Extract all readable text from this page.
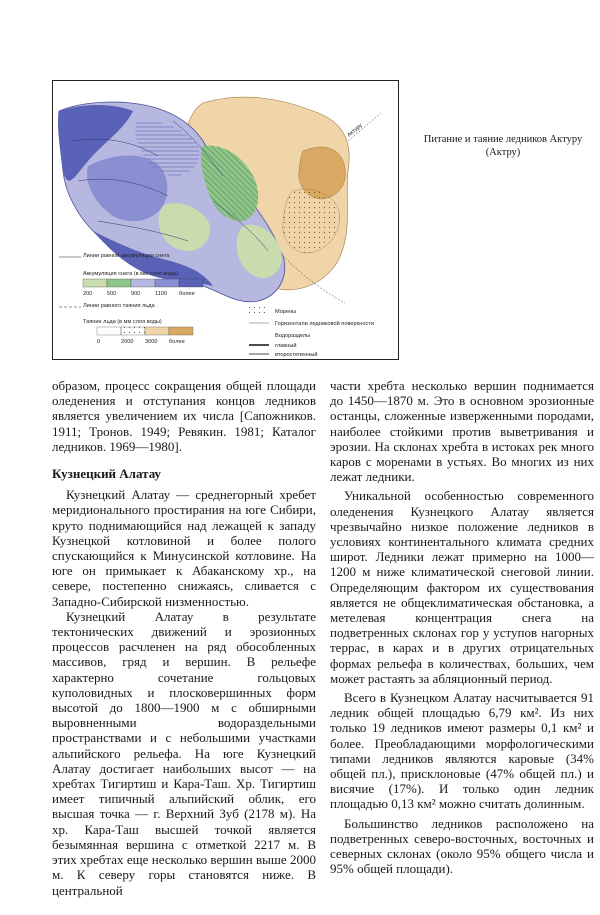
Актуру
Линии равной аккумуляции снега
Аккумуляция снега (в мм слоя воды)
200	500	900	1100 более
Линии равного таяния льда
Таяние льда (в мм слоя воды)
0	2000 3000 более
Морены
Горизонтали ледниковой поверхности
Водоразделы
главный
второстепенный
Питание и таяние ледников Актуру (Актру)

образом, процесс сокращения общей площади оледенения и отступания концов ледников является увеличением их числа [Сапожников. 1911; Тронов. 1949; Ревякин. 1981; Каталог ледников. 1969—1980].

Кузнецкий Алатау

Кузнецкий Алатау — среднегорный хребет меридионального простирания на юге Сибири, круто поднимающийся над лежащей к западу Кузнецкой котловиной и более полого спускающийся к Минусинской котловине. На юге он примыкает к Абаканскому хр., на севере, постепенно снижаясь, сливается с Западно-Сибирской низменностью.

Кузнецкий Алатау в результате тектонических движений и эрозионных процессов расчленен на ряд обособленных массивов, гряд и вершин. В рельефе характерно сочетание гольцовых куполовидных и плосковершинных форм высотой до 1800—1900 м с обширными выровненными водораздельными пространствами и с небольшими участками альпийского рельефа. На юге Кузнецкий Алатау достигает наибольших высот — на хребтах Тигиртиш и Кара-Таш. Хр. Тигиртиш имеет типичный альпийский облик, его высшая точка — г. Верхний Зуб (2178 м). На хр. Кара-Таш высшей точкой является безымянная вершина с отметкой 2217 м. В этих хребтах еще несколько вершин выше 2000 м. К северу горы становятся ниже. В центральной

части хребта несколько вершин поднимается до 1450—1870 м. Это в основном эрозионные останцы, сложенные изверженными породами, наиболее стойкими против выветривания и эрозии. На склонах хребта в истоках рек много каров с моренами в устьях. Во многих из них лежат ледники.

Уникальной особенностью современного оледенения Кузнецкого Алатау является чрезвычайно низкое положение ледников в условиях континентального климата средних широт. Ледники лежат примерно на 1000—1200 м ниже климатической снеговой линии. Определяющим фактором их существования является не общеклиматическая обстановка, а метелевая концентрация снега на подветренных склонах гор у уступов нагорных террас, в карах и в других отрицательных формах рельефа в количествах, больших, чем может растаять за абляционный период.

Всего в Кузнецком Алатау насчитывается 91 ледник общей площадью 6,79 км². Из них только 19 ледников имеют размеры 0,1 км² и более. Преобладающими морфологическими типами ледников являются каровые (34% общей пл.), присклоновые (47% общей пл.) и висячие (17%). И только один ледник площадью 0,13 км² можно считать долинным.

Большинство ледников расположено на подветренных северо-восточных, восточных и северных склонах (около 95% общего числа и 95% общей площади).
